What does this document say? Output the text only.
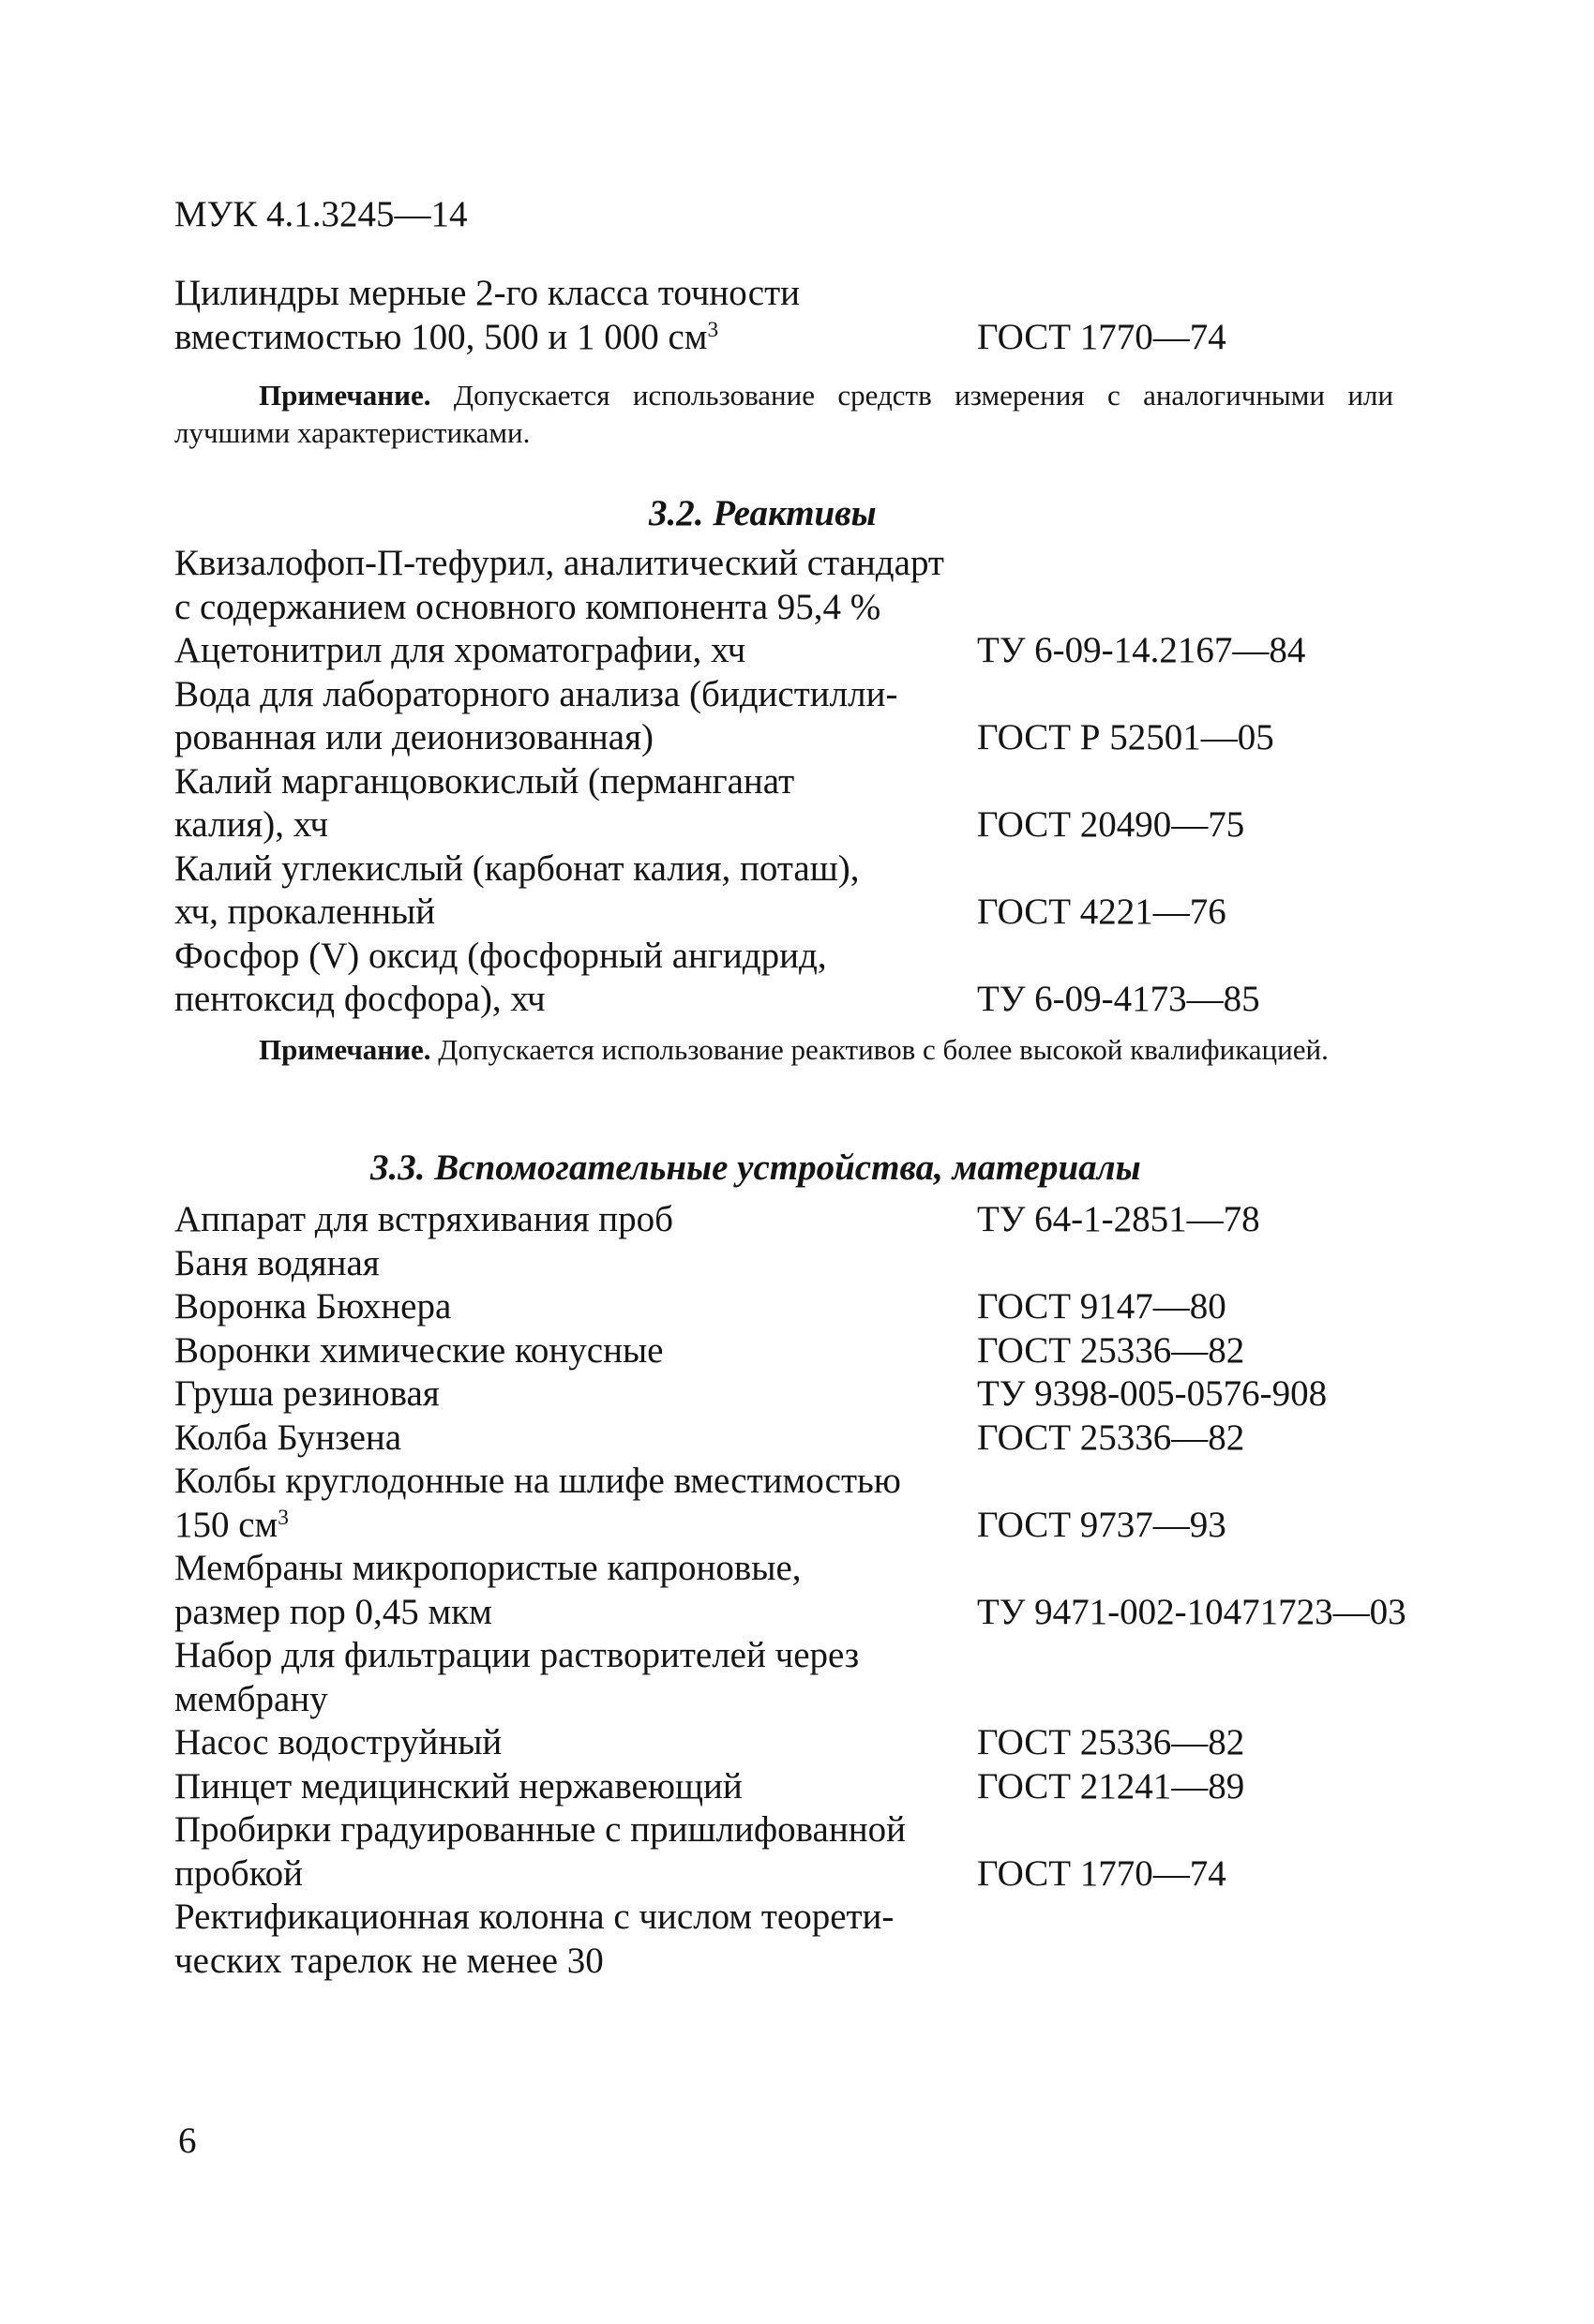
МУК 4.1.3245—14
Цилиндры мерные 2-го класса точности
вместимостью 100, 500 и 1 000 $см^3$	ГОСТ 1770—74
Примечание. Допускается использование средств измерения с аналогичными или лучшими характеристиками.
3.2. Реактивы
Квизалофоп-П-тефурил, аналитический стандарт
с содержанием основного компонента 95,4 %
Ацетонитрил для хроматографии, хч	ТУ 6-09-14.2167—84
Вода для лабораторного анализа (бидистилли-
рованная или деионизованная)	ГОСТ Р 52501—05
Калий марганцовокислый (перманганат
калия), хч	ГОСТ 20490—75
Калий углекислый (карбонат калия, поташ),
хч, прокаленный	ГОСТ 4221—76
Фосфор (V) оксид (фосфорный ангидрид,
пентоксид фосфора), хч	ТУ 6-09-4173—85
Примечание. Допускается использование реактивов с более высокой квалификацией.
3.3. Вспомогательные устройства, материалы
Аппарат для встряхивания проб	ТУ 64-1-2851—78
Баня водяная
Воронка Бюхнера	ГОСТ 9147—80
Воронки химические конусные	ГОСТ 25336—82
Груша резиновая	ТУ 9398-005-0576-908
Колба Бунзена	ГОСТ 25336—82
Колбы круглодонные на шлифе вместимостью
150 $см^3$	ГОСТ 9737—93
Мембраны микропористые капроновые,
размер пор 0,45 мкм	ТУ 9471-002-10471723—03
Набор для фильтрации растворителей через
мембрану
Насос водоструйный	ГОСТ 25336—82
Пинцет медицинский нержавеющий	ГОСТ 21241—89
Пробирки градуированные с пришлифованной
пробкой	ГОСТ 1770—74
Ректификационная колонна с числом теорети-
ческих тарелок не менее 30
6
